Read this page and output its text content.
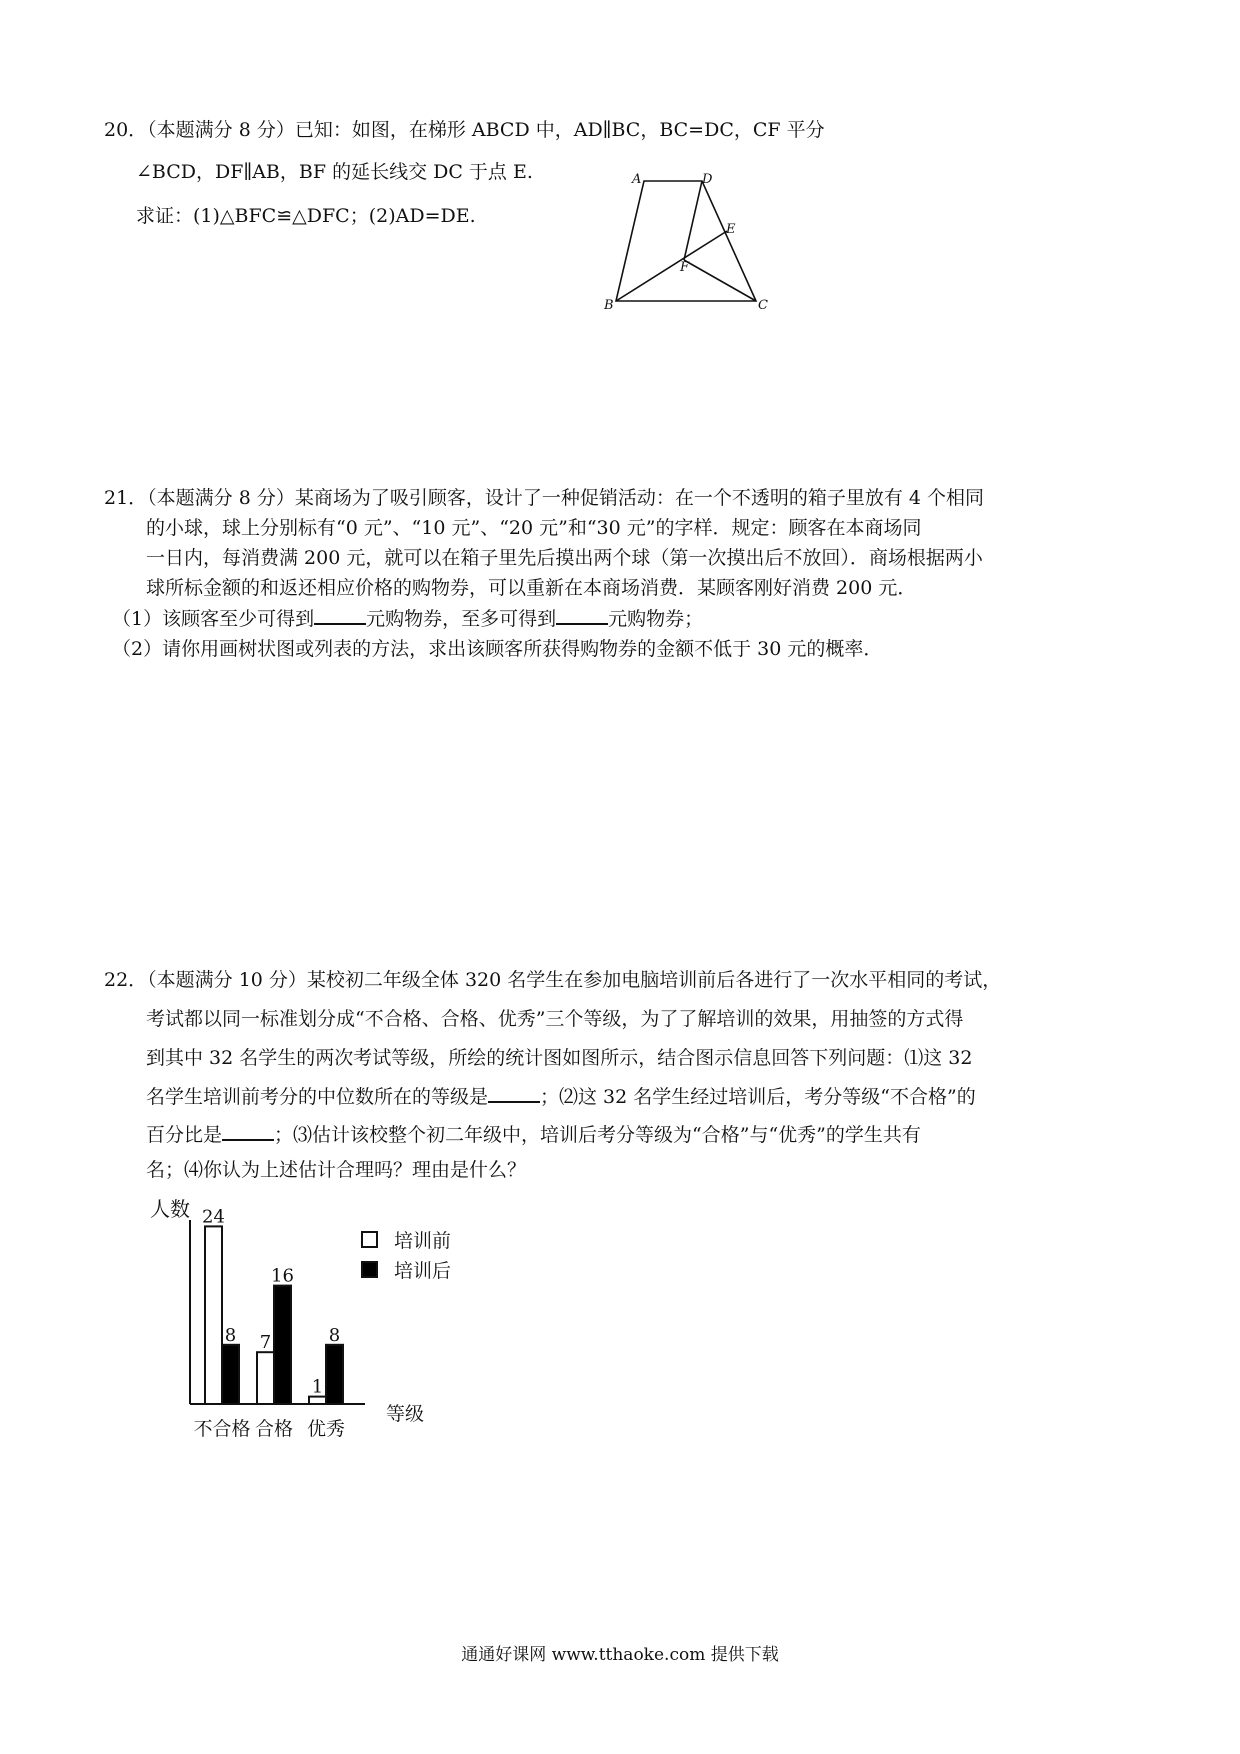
20．（本题满分 8 分）已知：如图，在梯形 ABCD 中，AD∥BC，BC=DC，CF 平分
∠BCD，DF∥AB，BF 的延长线交 DC 于点 E.
求证：(1)△BFC≌△DFC；(2)AD=DE.
A	D
E
F
B	C
21．（本题满分 8 分）某商场为了吸引顾客，设计了一种促销活动：在一个不透明的箱子里放有 4 个相同
的小球，球上分别标有“0 元”、“10 元”、“20 元”和“30 元”的字样．规定：顾客在本商场同
一日内，每消费满 200 元，就可以在箱子里先后摸出两个球（第一次摸出后不放回）．商场根据两小
球所标金额的和返还相应价格的购物券，可以重新在本商场消费．某顾客刚好消费 200 元．
（1）该顾客至少可得到	元购物券，至多可得到	元购物券；
（2）请你用画树状图或列表的方法，求出该顾客所获得购物券的金额不低于 30 元的概率．
22．（本题满分 10 分）某校初二年级全体 320 名学生在参加电脑培训前后各进行了一次水平相同的考试，
考试都以同一标准划分成“不合格、合格、优秀”三个等级，为了了解培训的效果，用抽签的方式得
到其中 32 名学生的两次考试等级，所绘的统计图如图所示，结合图示信息回答下列问题：⑴这 32
名学生培训前考分的中位数所在的等级是	；⑵这 32 名学生经过培训后，考分等级“不合格”的
百分比是	；⑶估计该校整个初二年级中，培训后考分等级为“合格”与“优秀”的学生共有
名；⑷你认为上述估计合理吗？理由是什么？
人数
等级
不合格
24
8
合格
7
16
优秀
1
8
培训前
培训后
通通好课网 www.tthaoke.com 提供下载
